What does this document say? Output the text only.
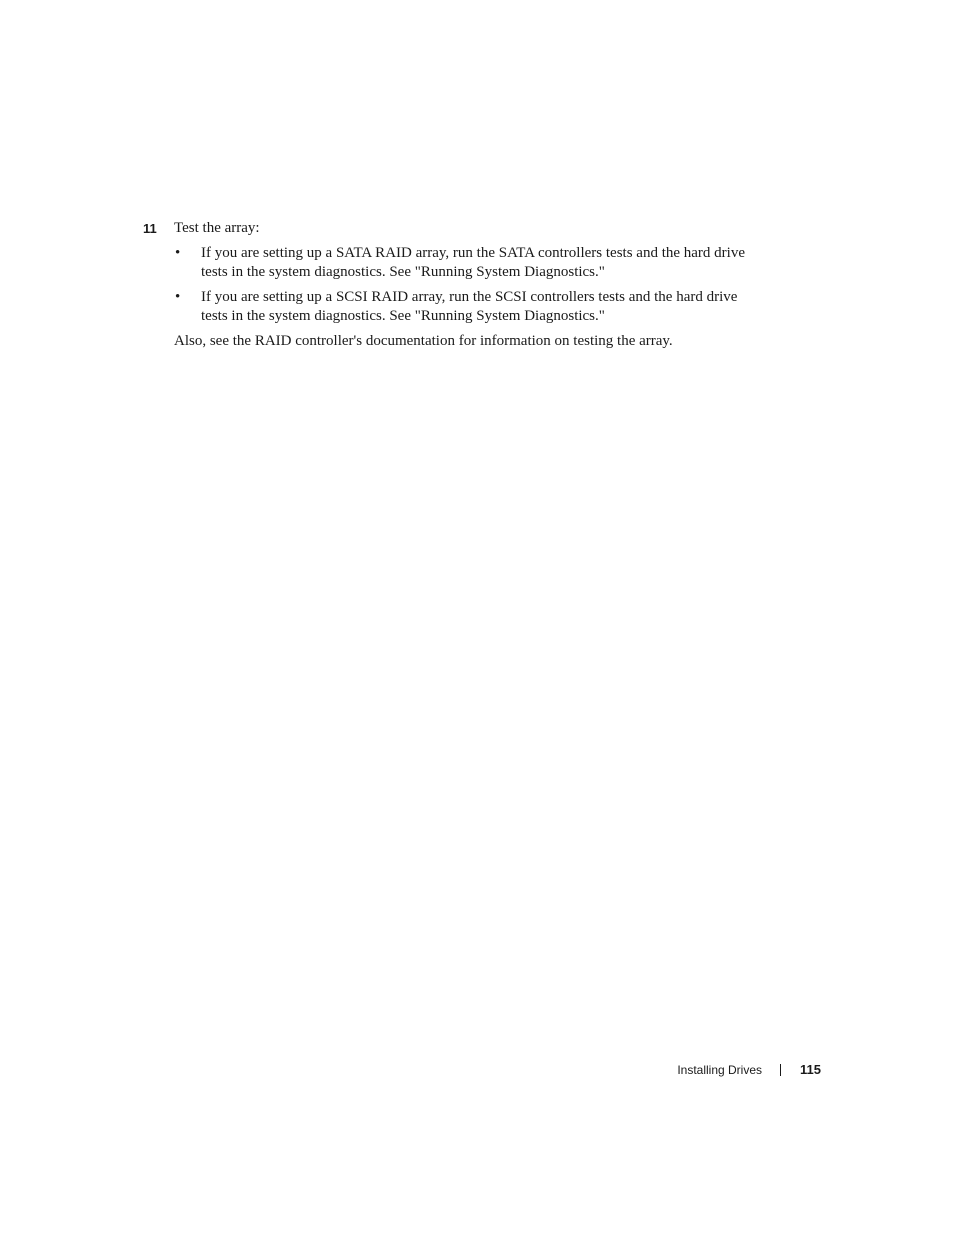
11 Test the array:
• If you are setting up a SATA RAID array, run the SATA controllers tests and the hard drive
tests in the system diagnostics. See "Running System Diagnostics."
• If you are setting up a SCSI RAID array, run the SCSI controllers tests and the hard drive
tests in the system diagnostics. See "Running System Diagnostics."
Also, see the RAID controller's documentation for information on testing the array.
Installing Drives	115
